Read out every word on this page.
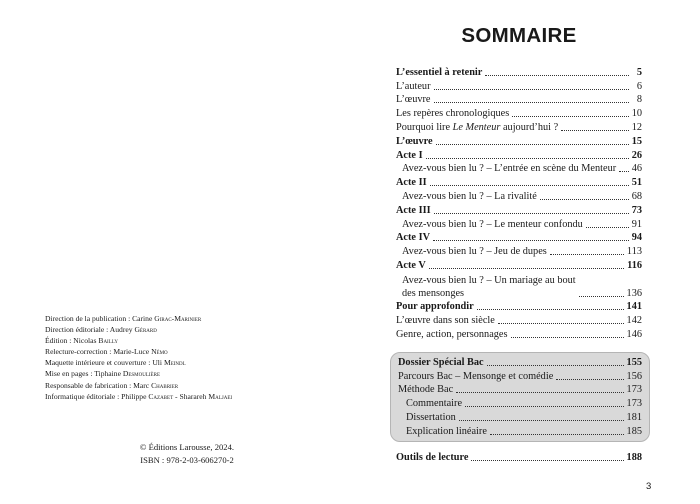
Direction de la publication : Carine Girac-Marinier
Direction éditoriale : Audrey Gérard
Édition : Nicolas Bailly
Relecture-correction : Marie-Luce Némo
Maquette intérieure et couverture : Uli Meindl
Mise en pages : Tiphaine Desmoulière
Responsable de fabrication : Marc Chabrier
Informatique éditoriale : Philippe Cazabet - Sharareh Maljaei
© Éditions Larousse, 2024.
ISBN : 978-2-03-606270-2
SOMMAIRE
L’essentiel à retenir	5
L’auteur	6
L’œuvre	8
Les repères chronologiques	10
Pourquoi lire Le Menteur aujourd’hui ?	12
L’œuvre	15
Acte I	26
Avez-vous bien lu ? – L’entrée en scène du Menteur 46
Acte II	51
Avez-vous bien lu ? – La rivalité	68
Acte III	73
Avez-vous bien lu ? – Le menteur confondu	91
Acte IV	94
Avez-vous bien lu ? – Jeu de dupes	113
Acte V	116
Avez-vous bien lu ? – Un mariage au bout
des mensonges	136
Pour approfondir	141
L’œuvre dans son siècle	142
Genre, action, personnages	146
Dossier Spécial Bac	155
Parcours Bac – Mensonge et comédie	156
Méthode Bac	173
Commentaire	173
Dissertation	181
Explication linéaire	185
Outils de lecture	188
3
